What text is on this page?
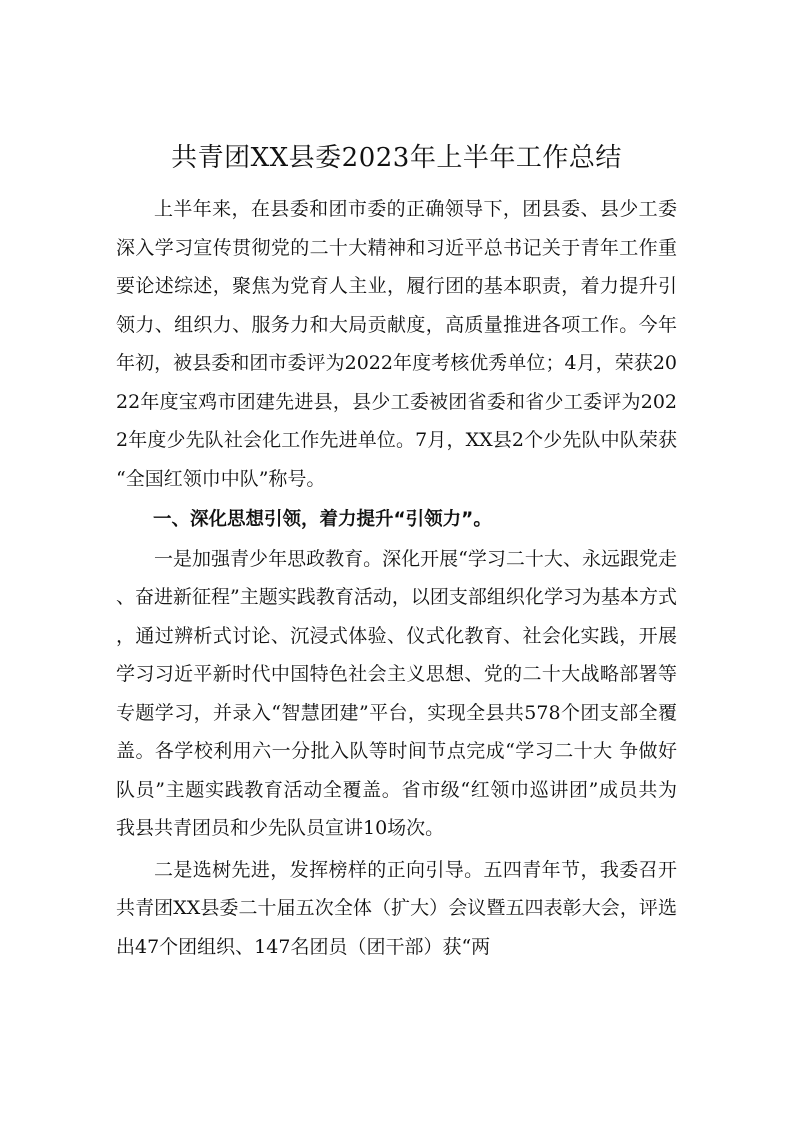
共青团XX县委2023年上半年工作总结

上半年来，在县委和团市委的正确领导下，团县委、县少工委深入学习宣传贯彻党的二十大精神和习近平总书记关于青年工作重要论述综述，聚焦为党育人主业，履行团的基本职责，着力提升引领力、组织力、服务力和大局贡献度，高质量推进各项工作。今年年初，被县委和团市委评为2022年度考核优秀单位；4月，荣获2022年度宝鸡市团建先进县，县少工委被团省委和省少工委评为2022年度少先队社会化工作先进单位。7月，XX县2个少先队中队荣获“全国红领巾中队”称号。

一、深化思想引领，着力提升“引领力”。

一是加强青少年思政教育。深化开展“学习二十大、永远跟党走、奋进新征程”主题实践教育活动，以团支部组织化学习为基本方式，通过辨析式讨论、沉浸式体验、仪式化教育、社会化实践，开展学习习近平新时代中国特色社会主义思想、党的二十大战略部署等专题学习，并录入“智慧团建”平台，实现全县共578个团支部全覆盖。各学校利用六一分批入队等时间节点完成“学习二十大 争做好队员”主题实践教育活动全覆盖。省市级“红领巾巡讲团”成员共为我县共青团员和少先队员宣讲10场次。

二是选树先进，发挥榜样的正向引导。五四青年节，我委召开共青团XX县委二十届五次全体（扩大）会议暨五四表彰大会，评选出47个团组织、147名团员（团干部）获“两
